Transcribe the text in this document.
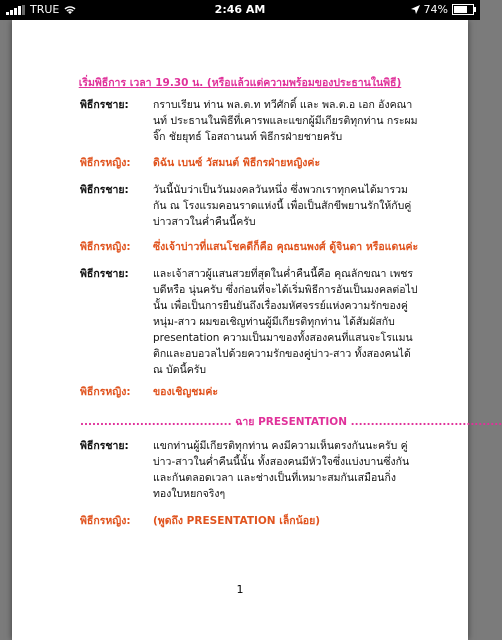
TRUE	2:46 AM	74%
เริ่มพิธีการ เวลา 19.30 น. (หรือแล้วแต่ความพร้อมของประธานในพิธี)
พิธีกรชาย:	กราบเรียน ท่าน พล.ต.ท ทวีศักดิ์ และ พล.ต.อ เอก อังคณานท์ ประธานในพิธีที่เคารพและแขกผู้มีเกียรติทุกท่าน กระผม จิ๊ก ชัยยุทธ์ โอสถานนท์ พิธีกรฝ่ายชายครับ
พิธีกรหญิง:	ดิฉัน เบนซ์ วัสมนต์ พิธีกรฝ่ายหญิงค่ะ
พิธีกรชาย:	วันนี้นับว่าเป็นวันมงคลวันหนึ่ง ซึ่งพวกเราทุกคนได้มารวมกัน ณ โรงแรมคอนราดแห่งนี้ เพื่อเป็นสักขีพยานรักให้กับคู่บ่าวสาวในค่ำคืนนี้ครับ
พิธีกรหญิง:	ซึ่งเจ้าบ่าวที่แสนโชคดีก็คือ คุณธนพงศ์ ดู้จินดา หรือแดนค่ะ
พิธีกรชาย:	และเจ้าสาวผู้แสนสวยที่สุดในค่ำคืนนี้คือ คุณลักขณา เพชรบดีหรือ นุ่นครับ ซึ่งก่อนที่จะได้เริ่มพิธีการอันเป็นมงคลต่อไปนั้น เพื่อเป็นการยืนยันถึงเรื่องมหัศจรรย์แห่งความรักของคู่หนุ่ม-สาว ผมขอเชิญท่านผู้มีเกียรติทุกท่าน ได้สัมผัสกับ presentation ความเป็นมาของทั้งสองคนที่แสนจะโรแมนติกและอบอวลไปด้วยความรักของคู่บ่าว-สาว ทั้งสองคนได้ ณ บัดนี้ครับ
พิธีกรหญิง:	ของเชิญชมค่ะ
...................................... ฉาย PRESENTATION ......................................
พิธีกรชาย:	แขกท่านผู้มีเกียรติทุกท่าน คงมีความเห็นตรงกันนะครับ คู่บ่าว-สาวในค่ำคืนนี้นั้น ทั้งสองคนมีหัวใจซึ่งแบ่งบานซึ่งกันและกันตลอดเวลา และช่างเป็นที่เหมาะสมกันเสมือนกิ่งทองใบหยกจริงๆ
พิธีกรหญิง:	(พูดถึง PRESENTATION เล็กน้อย)
1
